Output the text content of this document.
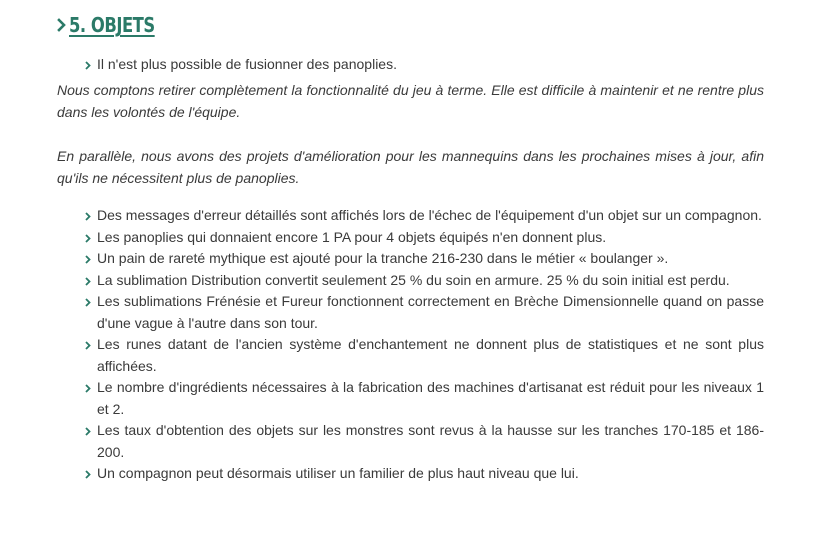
5. OBJETS
Il n'est plus possible de fusionner des panoplies.

Nous comptons retirer complètement la fonctionnalité du jeu à terme. Elle est difficile à maintenir et ne rentre plus dans les volontés de l'équipe.

En parallèle, nous avons des projets d'amélioration pour les mannequins dans les prochaines mises à jour, afin qu'ils ne nécessitent plus de panoplies.

Des messages d'erreur détaillés sont affichés lors de l'échec de l'équipement d'un objet sur un compagnon.
Les panoplies qui donnaient encore 1 PA pour 4 objets équipés n'en donnent plus.
Un pain de rareté mythique est ajouté pour la tranche 216-230 dans le métier « boulanger ».
La sublimation Distribution convertit seulement 25 % du soin en armure. 25 % du soin initial est perdu.
Les sublimations Frénésie et Fureur fonctionnent correctement en Brèche Dimensionnelle quand on passe d'une vague à l'autre dans son tour.
Les runes datant de l'ancien système d'enchantement ne donnent plus de statistiques et ne sont plus affichées.
Le nombre d'ingrédients nécessaires à la fabrication des machines d'artisanat est réduit pour les niveaux 1 et 2.
Les taux d'obtention des objets sur les monstres sont revus à la hausse sur les tranches 170-185 et 186-200.
Un compagnon peut désormais utiliser un familier de plus haut niveau que lui.
